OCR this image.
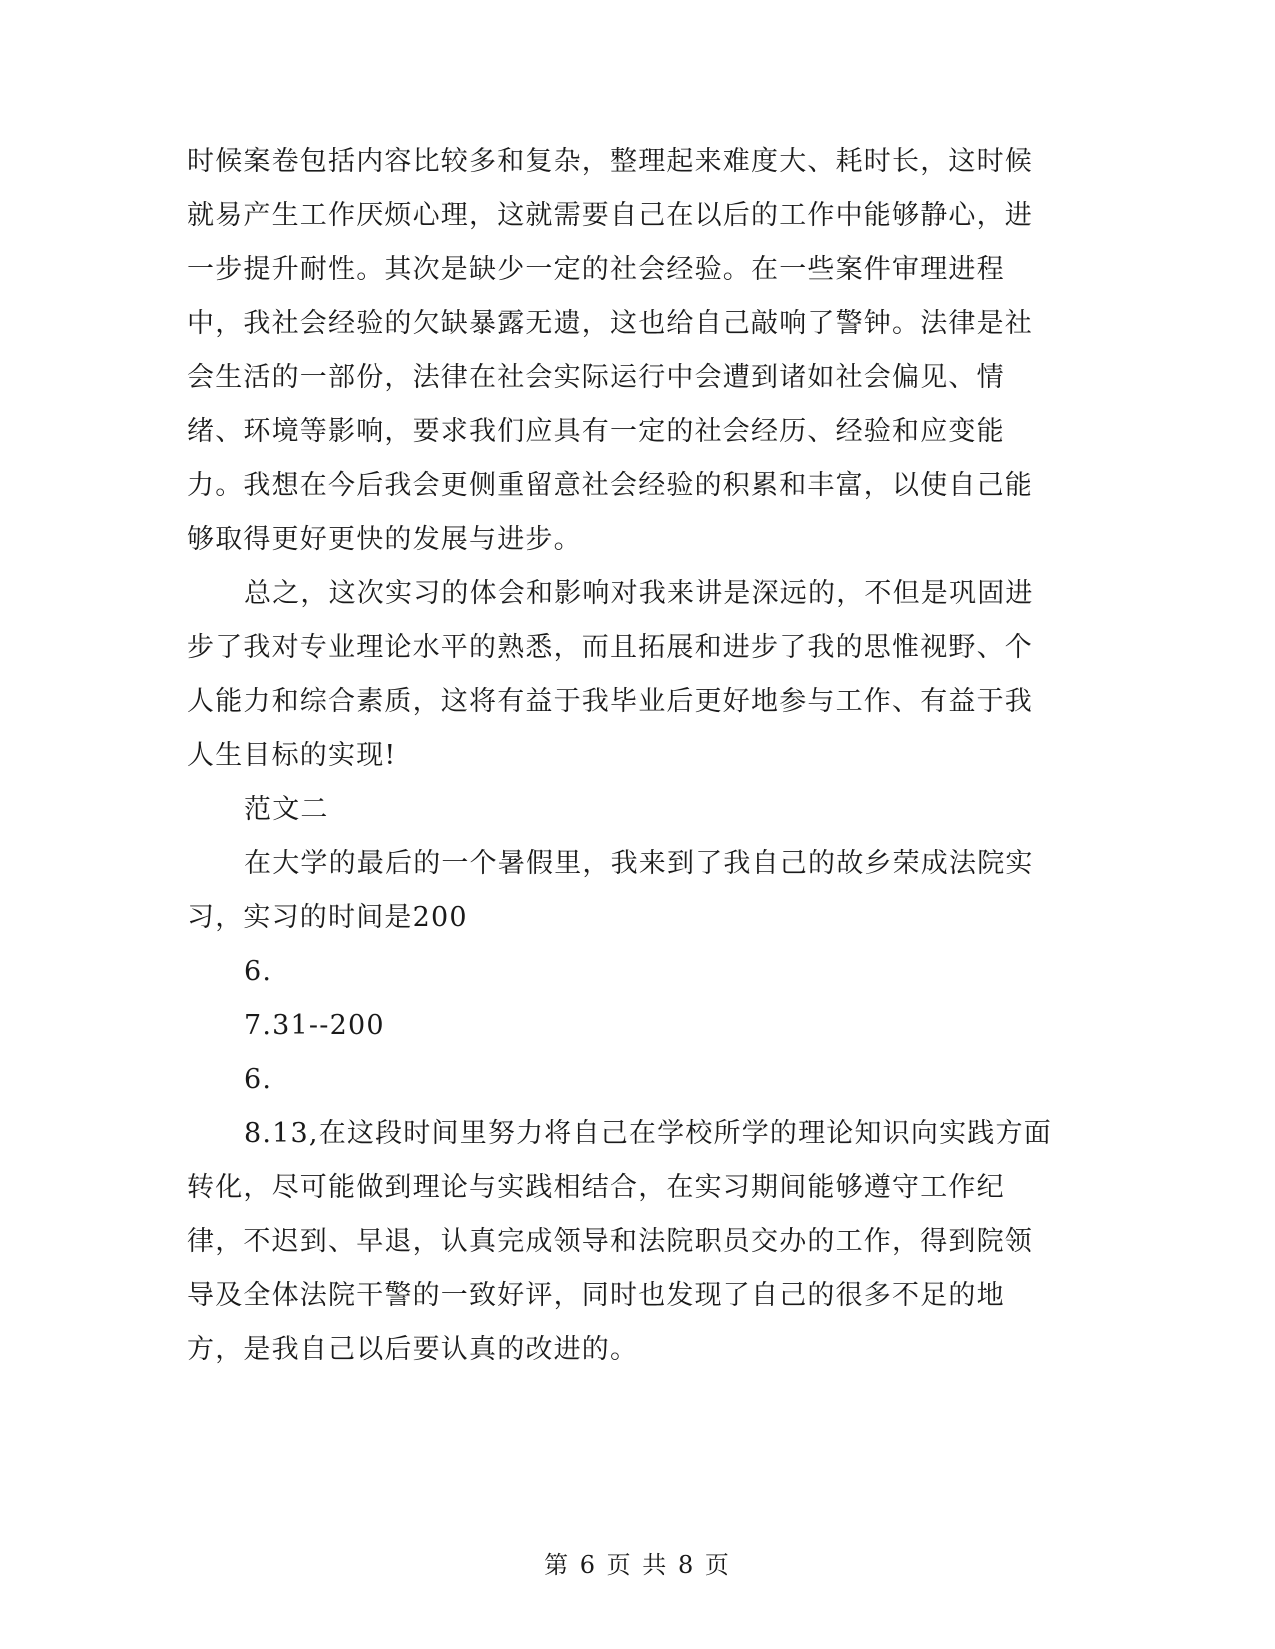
时候案卷包括内容比较多和复杂，整理起来难度大、耗时长，这时候
就易产生工作厌烦心理，这就需要自己在以后的工作中能够静心，进
一步提升耐性。其次是缺少一定的社会经验。在一些案件审理进程
中，我社会经验的欠缺暴露无遗，这也给自己敲响了警钟。法律是社
会生活的一部份，法律在社会实际运行中会遭到诸如社会偏见、情
绪、环境等影响，要求我们应具有一定的社会经历、经验和应变能
力。我想在今后我会更侧重留意社会经验的积累和丰富，以使自己能
够取得更好更快的发展与进步。
总之，这次实习的体会和影响对我来讲是深远的，不但是巩固进
步了我对专业理论水平的熟悉，而且拓展和进步了我的思惟视野、个
人能力和综合素质，这将有益于我毕业后更好地参与工作、有益于我
人生目标的实现!
范文二
在大学的最后的一个暑假里，我来到了我自己的故乡荣成法院实
习，实习的时间是200
6.
7.31--200
6.
8.13,在这段时间里努力将自己在学校所学的理论知识向实践方面
转化，尽可能做到理论与实践相结合，在实习期间能够遵守工作纪
律，不迟到、早退，认真完成领导和法院职员交办的工作，得到院领
导及全体法院干警的一致好评，同时也发现了自己的很多不足的地
方，是我自己以后要认真的改进的。
第 6 页 共 8 页
